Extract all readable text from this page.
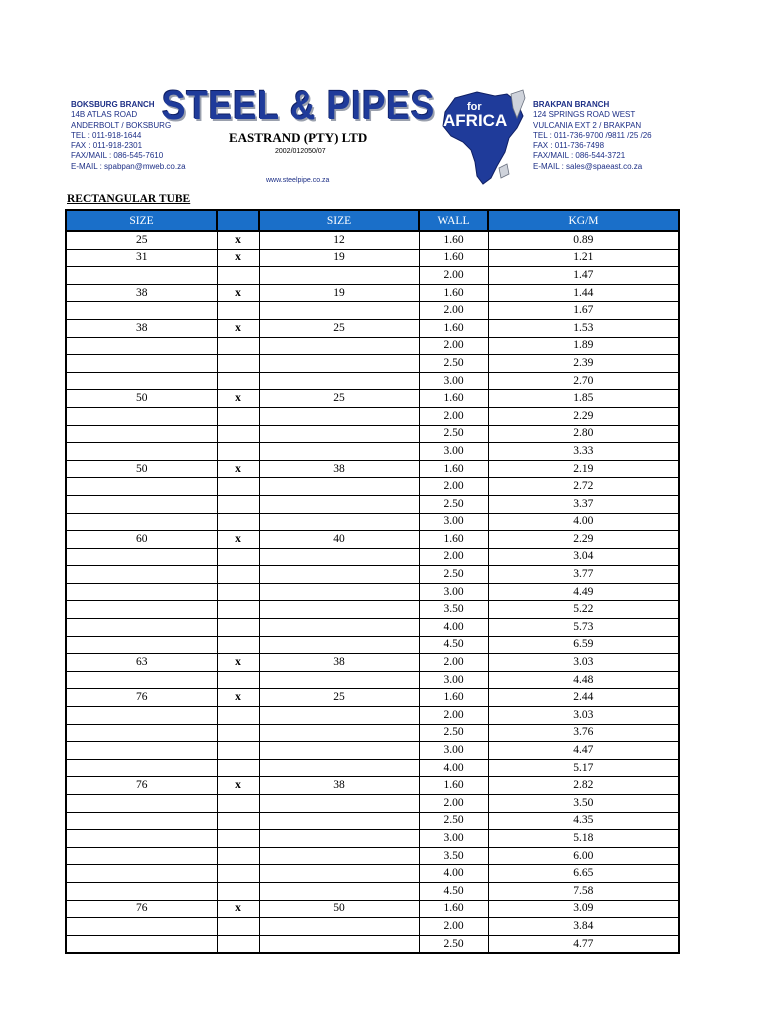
BOKSBURG BRANCH
14B ATLAS ROAD
ANDERBOLT / BOKSBURG
TEL : 011-918-1644
FAX : 011-918-2301
FAX/MAIL : 086-545-7610
E-MAIL : spabpan@mweb.co.za
STEEL & PIPES
EASTRAND (PTY) LTD
2002/012050/07
www.steelpipe.co.za
for
AFRICA
BRAKPAN BRANCH
124 SPRINGS ROAD WEST
VULCANIA EXT 2 / BRAKPAN
TEL : 011-736-9700 /9811 /25 /26
FAX : 011-736-7498
FAX/MAIL : 086-544-3721
E-MAIL : sales@spaeast.co.za
RECTANGULAR TUBE
SIZE		SIZE	WALL	KG/M
25	x	12	1.60	0.89
31	x	19	1.60	1.21
			2.00	1.47
38	x	19	1.60	1.44
			2.00	1.67
38	x	25	1.60	1.53
			2.00	1.89
			2.50	2.39
			3.00	2.70
50	x	25	1.60	1.85
			2.00	2.29
			2.50	2.80
			3.00	3.33
50	x	38	1.60	2.19
			2.00	2.72
			2.50	3.37
			3.00	4.00
60	x	40	1.60	2.29
			2.00	3.04
			2.50	3.77
			3.00	4.49
			3.50	5.22
			4.00	5.73
			4.50	6.59
63	x	38	2.00	3.03
			3.00	4.48
76	x	25	1.60	2.44
			2.00	3.03
			2.50	3.76
			3.00	4.47
			4.00	5.17
76	x	38	1.60	2.82
			2.00	3.50
			2.50	4.35
			3.00	5.18
			3.50	6.00
			4.00	6.65
			4.50	7.58
76	x	50	1.60	3.09
			2.00	3.84
			2.50	4.77
